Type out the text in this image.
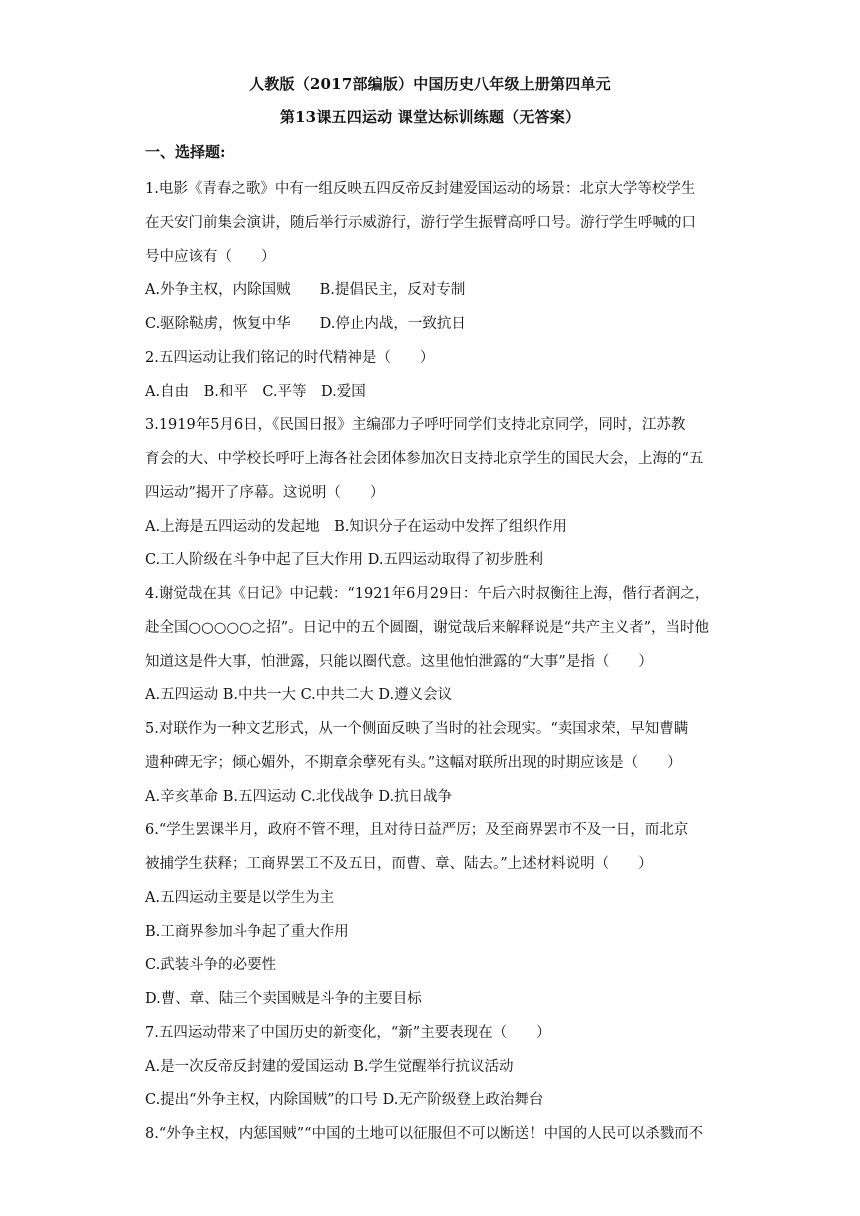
人教版（2017部编版）中国历史八年级上册第四单元
第13课五四运动 课堂达标训练题（无答案）
一、选择题:
1.电影《青春之歌》中有一组反映五四反帝反封建爱国运动的场景：北京大学等校学生
在天安门前集会演讲，随后举行示威游行，游行学生振臂高呼口号。游行学生呼喊的口
号中应该有（　　）
A.外争主权，内除国贼　　B.提倡民主，反对专制
C.驱除鞑虏，恢复中华　　D.停止内战，一致抗日
2.五四运动让我们铭记的时代精神是（　　）
A.自由　B.和平　C.平等　D.爱国
3.1919年5月6日，《民国日报》主编邵力子呼吁同学们支持北京同学，同时，江苏教
育会的大、中学校长呼吁上海各社会团体参加次日支持北京学生的国民大会，上海的“五
四运动”揭开了序幕。这说明（　　）
A.上海是五四运动的发起地　B.知识分子在运动中发挥了组织作用
C.工人阶级在斗争中起了巨大作用 D.五四运动取得了初步胜利
4.谢觉哉在其《日记》中记载：“1921年6月29日：午后六时叔衡往上海，偕行者润之，
赴全国○○○○○之招”。日记中的五个圆圈，谢觉哉后来解释说是“共产主义者”，当时他
知道这是件大事，怕泄露，只能以圈代意。这里他怕泄露的“大事”是指（　　）
A.五四运动 B.中共一大 C.中共二大 D.遵义会议
5.对联作为一种文艺形式，从一个侧面反映了当时的社会现实。“卖国求荣，早知曹瞒
遗种碑无字；倾心媚外，不期章余孽死有头。”这幅对联所出现的时期应该是（　　）
A.辛亥革命 B.五四运动 C.北伐战争 D.抗日战争
6.“学生罢课半月，政府不管不理，且对待日益严厉；及至商界罢市不及一日，而北京
被捕学生获释；工商界罢工不及五日，而曹、章、陆去。”上述材料说明（　　）
A.五四运动主要是以学生为主
B.工商界参加斗争起了重大作用
C.武装斗争的必要性
D.曹、章、陆三个卖国贼是斗争的主要目标
7.五四运动带来了中国历史的新变化，“新”主要表现在（　　）
A.是一次反帝反封建的爱国运动 B.学生觉醒举行抗议活动
C.提出“外争主权，内除国贼”的口号 D.无产阶级登上政治舞台
8.“外争主权，内惩国贼”“中国的土地可以征服但不可以断送！中国的人民可以杀戮而不
